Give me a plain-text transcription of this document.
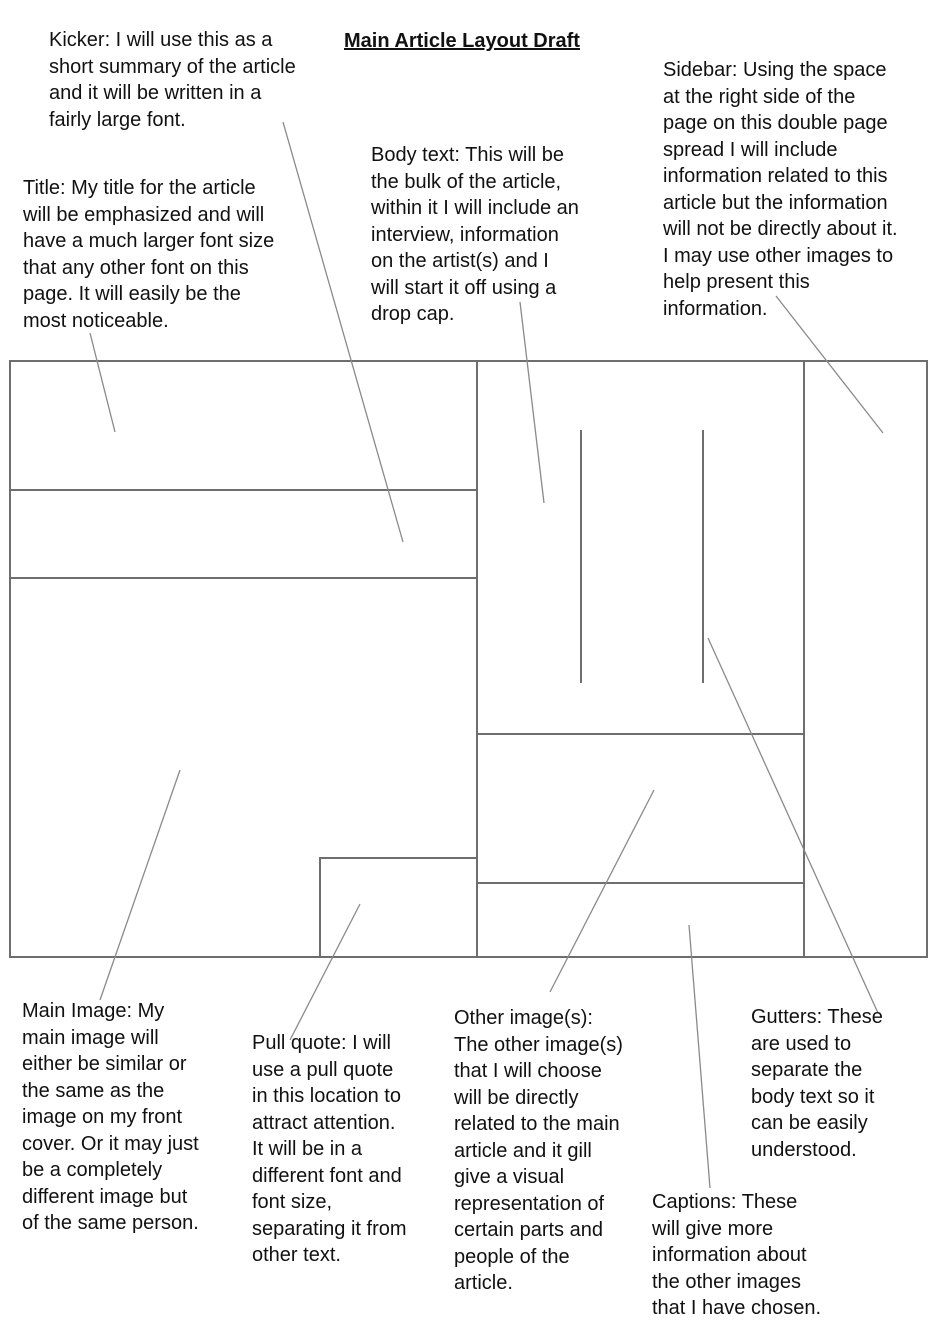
Main Article Layout Draft

Kicker: I will use this as a
short summary of the article
and it will be written in a
fairly large font.

Title: My title for the article
will be emphasized and will
have a much larger font size
that any other font on this
page. It will easily be the
most noticeable.

Body text: This will be
the bulk of the article,
within it I will include an
interview, information
on the artist(s) and I
will start it off using a
drop cap.

Sidebar: Using the space
at the right side of the
page on this double page
spread I will include
information related to this
article but the information
will not be directly about it.
I may use other images to
help present this
information.

Main Image: My
main image will
either be similar or
the same as the
image on my front
cover. Or it may just
be a completely
different image but
of the same person.

Pull quote: I will
use a pull quote
in this location to
attract attention.
It will be in a
different font and
font size,
separating it from
other text.

Other image(s):
The other image(s)
that I will choose
will be directly
related to the main
article and it gill
give a visual
representation of
certain parts and
people of the
article.

Gutters: These
are used to
separate the
body text so it
can be easily
understood.

Captions: These
will give more
information about
the other images
that I have chosen.
